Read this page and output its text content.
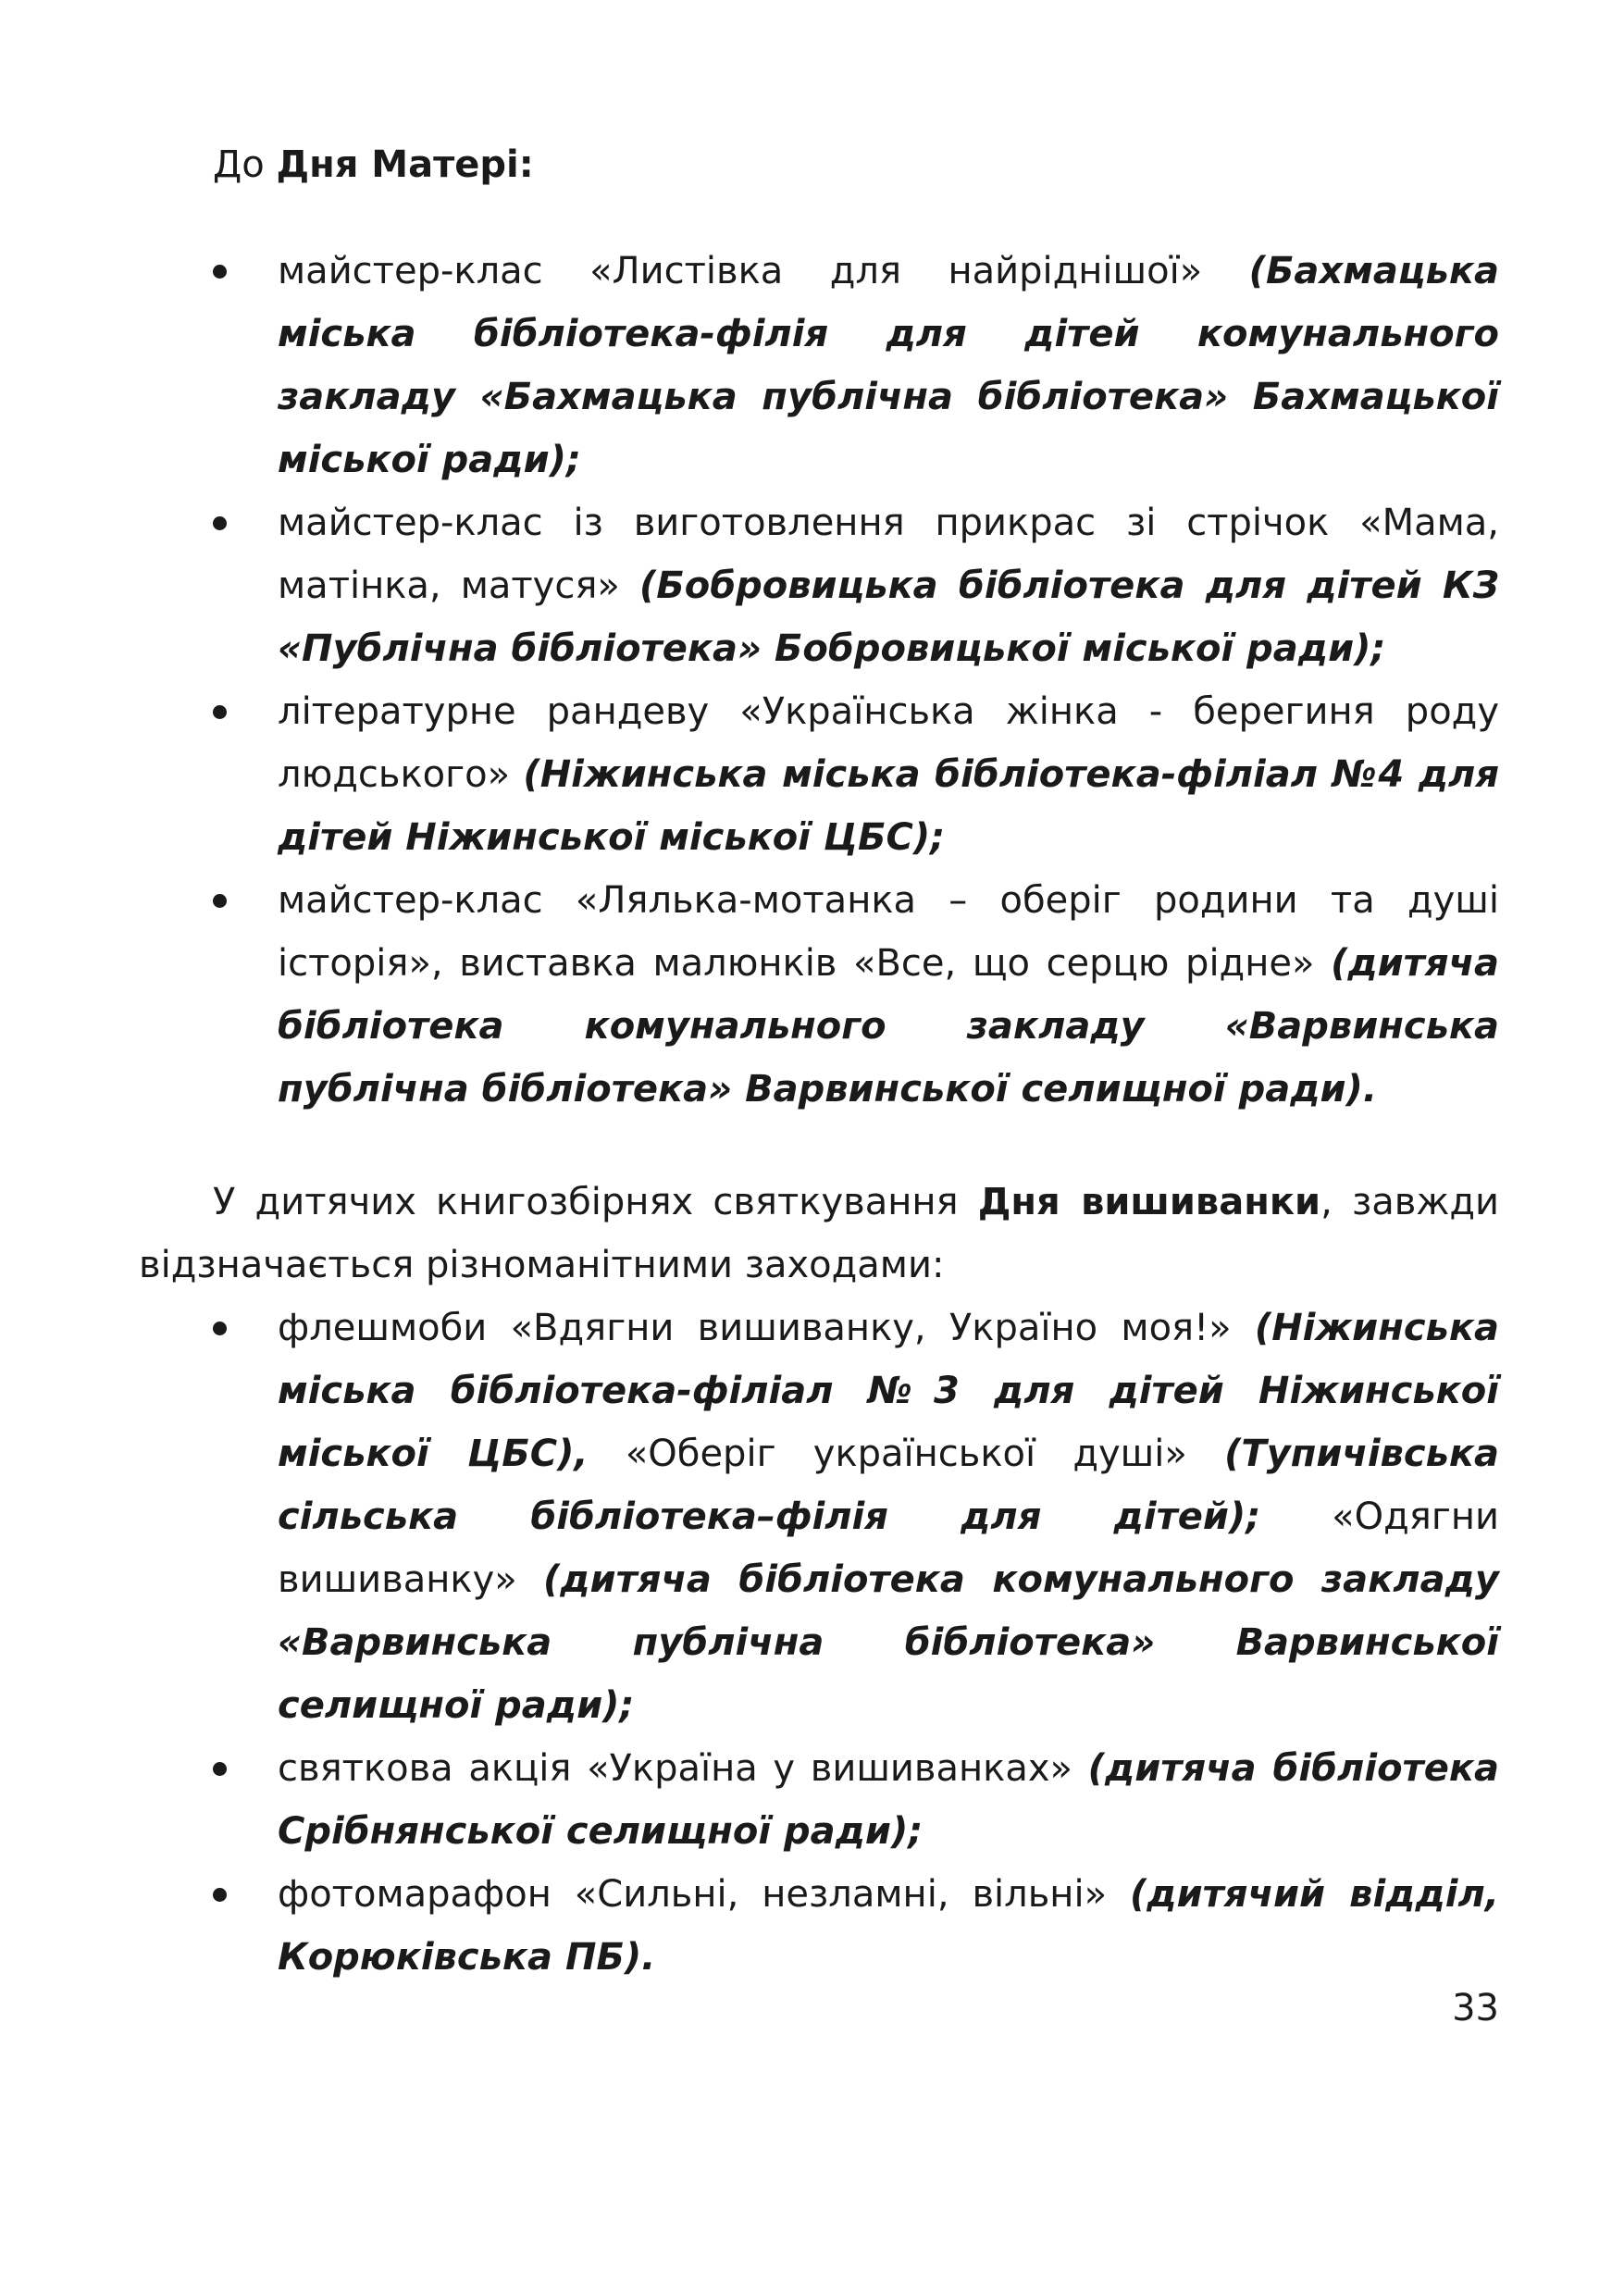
До Дня Матері:

майстер-клас «Листівка для найріднішої» (Бахмацька міська бібліотека-філія для дітей комунального закладу «Бахмацька публічна бібліотека» Бахмацької міської ради);
майстер-клас із виготовлення прикрас зі стрічок «Мама, матінка, матуся» (Бобровицька бібліотека для дітей КЗ «Публічна бібліотека» Бобровицької міської ради);
літературне рандеву «Українська жінка - берегиня роду людського» (Ніжинська міська бібліотека-філіал №4 для дітей Ніжинської міської ЦБС);
майстер-клас «Лялька-мотанка – оберіг родини та душі історія», виставка малюнків «Все, що серцю рідне» (дитяча бібліотека комунального закладу «Варвинська публічна бібліотека» Варвинської селищної ради).

У дитячих книгозбірнях святкування Дня вишиванки, завжди відзначається різноманітними заходами:

флешмоби «Вдягни вишиванку, Україно моя!» (Ніжинська міська бібліотека-філіал №3 для дітей Ніжинської міської ЦБС), «Оберіг української душі» (Тупичівська сільська бібліотека–філія для дітей); «Одягни вишиванку» (дитяча бібліотека комунального закладу «Варвинська публічна бібліотека» Варвинської селищної ради);
святкова акція «Україна у вишиванках» (дитяча бібліотека Срібнянської селищної ради);
фотомарафон «Сильні, незламні, вільні» (дитячий відділ, Корюківська ПБ).
33
